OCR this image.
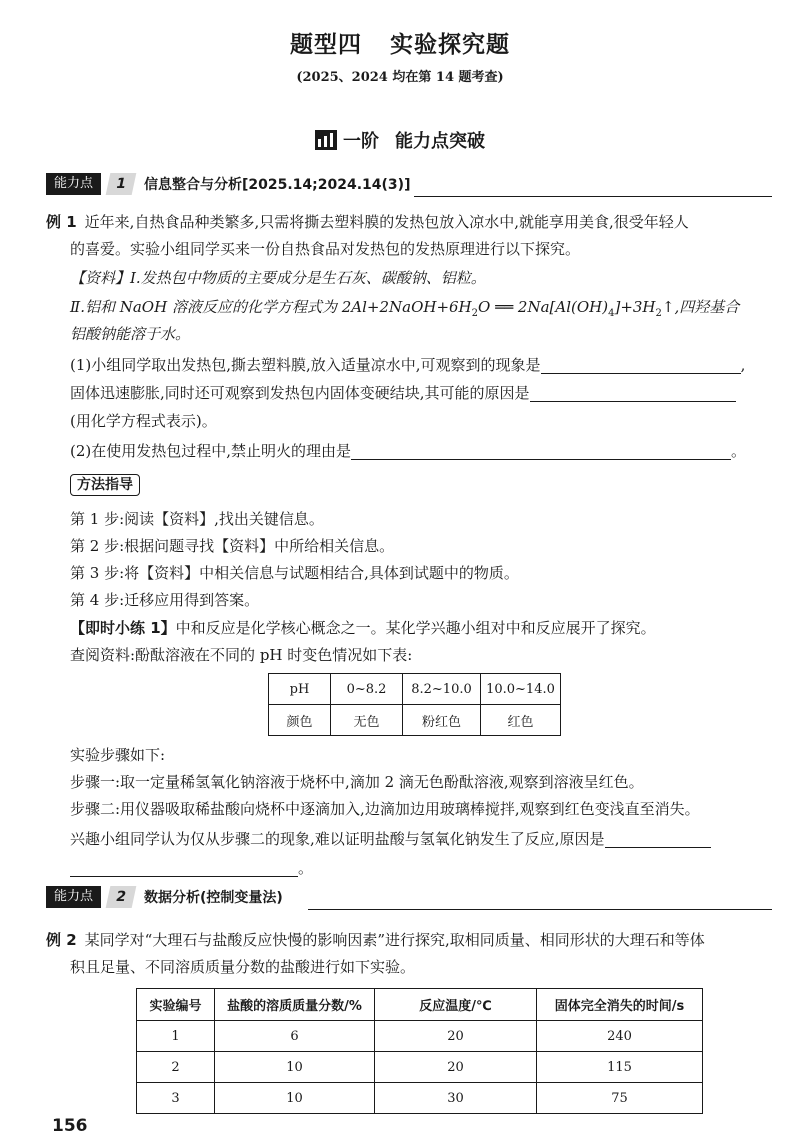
题型四 实验探究题
(2025、2024 均在第 14 题考查)
一阶 能力点突破
能力点	1	信息整合与分析[2025.14;2024.14(3)]
例 1 近年来,自热食品种类繁多,只需将撕去塑料膜的发热包放入凉水中,就能享用美食,很受年轻人
的喜爱。实验小组同学买来一份自热食品对发热包的发热原理进行以下探究。
【资料】Ⅰ.发热包中物质的主要成分是生石灰、碳酸钠、铝粒。
Ⅱ.铝和 NaOH 溶液反应的化学方程式为 $2Al+2NaOH+6H_2O$ ══ $2Na[Al(OH)_4]+3H_2↑$,四羟基合
铝酸钠能溶于水。
(1)小组同学取出发热包,撕去塑料膜,放入适量凉水中,可观察到的现象是	,
固体迅速膨胀,同时还可观察到发热包内固体变硬结块,其可能的原因是
(用化学方程式表示)。
(2)在使用发热包过程中,禁止明火的理由是	。
方法指导
第 1 步:阅读【资料】,找出关键信息。
第 2 步:根据问题寻找【资料】中所给相关信息。
第 3 步:将【资料】中相关信息与试题相结合,具体到试题中的物质。
第 4 步:迁移应用得到答案。
【即时小练 1】中和反应是化学核心概念之一。某化学兴趣小组对中和反应展开了探究。
查阅资料:酚酞溶液在不同的 pH 时变色情况如下表:
pH	0~8.2	8.2~10.0	10.0~14.0
颜色	无色	粉红色	红色
实验步骤如下:
步骤一:取一定量稀氢氧化钠溶液于烧杯中,滴加 2 滴无色酚酞溶液,观察到溶液呈红色。
步骤二:用仪器吸取稀盐酸向烧杯中逐滴加入,边滴加边用玻璃棒搅拌,观察到红色变浅直至消失。
兴趣小组同学认为仅从步骤二的现象,难以证明盐酸与氢氧化钠发生了反应,原因是
。
能力点	2	数据分析(控制变量法)
例 2 某同学对“大理石与盐酸反应快慢的影响因素”进行探究,取相同质量、相同形状的大理石和等体
积且足量、不同溶质质量分数的盐酸进行如下实验。
实验编号	盐酸的溶质质量分数/%	反应温度/℃	固体完全消失的时间/s
1	6	20	240
2	10	20	115
3	10	30	75
156
